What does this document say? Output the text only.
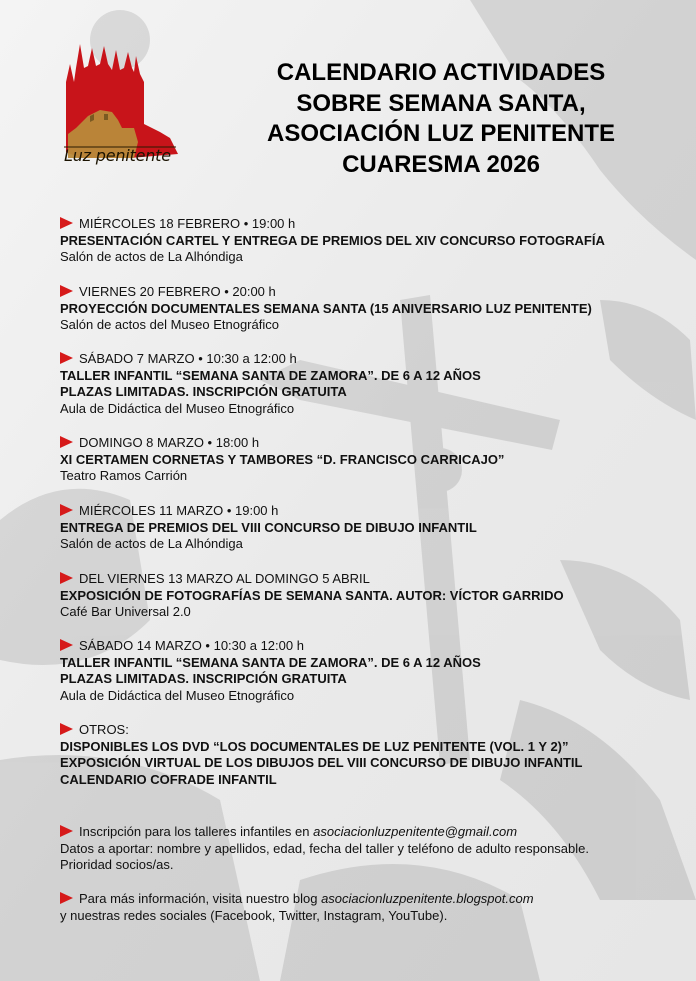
Luz penitente
CALENDARIO ACTIVIDADES
SOBRE SEMANA SANTA,
ASOCIACIÓN LUZ PENITENTE
CUARESMA 2026
MIÉRCOLES 18 FEBRERO • 19:00 h
PRESENTACIÓN CARTEL Y ENTREGA DE PREMIOS DEL XIV CONCURSO FOTOGRAFÍA
Salón de actos de La Alhóndiga
VIERNES 20 FEBRERO • 20:00 h
PROYECCIÓN DOCUMENTALES SEMANA SANTA (15 ANIVERSARIO LUZ PENITENTE)
Salón de actos del Museo Etnográfico
SÁBADO 7 MARZO • 10:30 a 12:00 h
TALLER INFANTIL “SEMANA SANTA DE ZAMORA”. DE 6 A 12 AÑOS
PLAZAS LIMITADAS. INSCRIPCIÓN GRATUITA
Aula de Didáctica del Museo Etnográfico
DOMINGO 8 MARZO • 18:00 h
XI CERTAMEN CORNETAS Y TAMBORES “D. FRANCISCO CARRICAJO”
Teatro Ramos Carrión
MIÉRCOLES 11 MARZO • 19:00 h
ENTREGA DE PREMIOS DEL VIII CONCURSO DE DIBUJO INFANTIL
Salón de actos de La Alhóndiga
DEL VIERNES 13 MARZO AL DOMINGO 5 ABRIL
EXPOSICIÓN DE FOTOGRAFÍAS DE SEMANA SANTA. AUTOR: VÍCTOR GARRIDO
Café Bar Universal 2.0
SÁBADO 14 MARZO • 10:30 a 12:00 h
TALLER INFANTIL “SEMANA SANTA DE ZAMORA”. DE 6 A 12 AÑOS
PLAZAS LIMITADAS. INSCRIPCIÓN GRATUITA
Aula de Didáctica del Museo Etnográfico
OTROS:
DISPONIBLES LOS DVD “LOS DOCUMENTALES DE LUZ PENITENTE (VOL. 1 Y 2)”
EXPOSICIÓN VIRTUAL DE LOS DIBUJOS DEL VIII CONCURSO DE DIBUJO INFANTIL
CALENDARIO COFRADE INFANTIL
Inscripción para los talleres infantiles en asociacionluzpenitente@gmail.com
Datos a aportar: nombre y apellidos, edad, fecha del taller y teléfono de adulto responsable.
Prioridad socios/as.
Para más información, visita nuestro blog asociacionluzpenitente.blogspot.com
y nuestras redes sociales (Facebook, Twitter, Instagram, YouTube).
